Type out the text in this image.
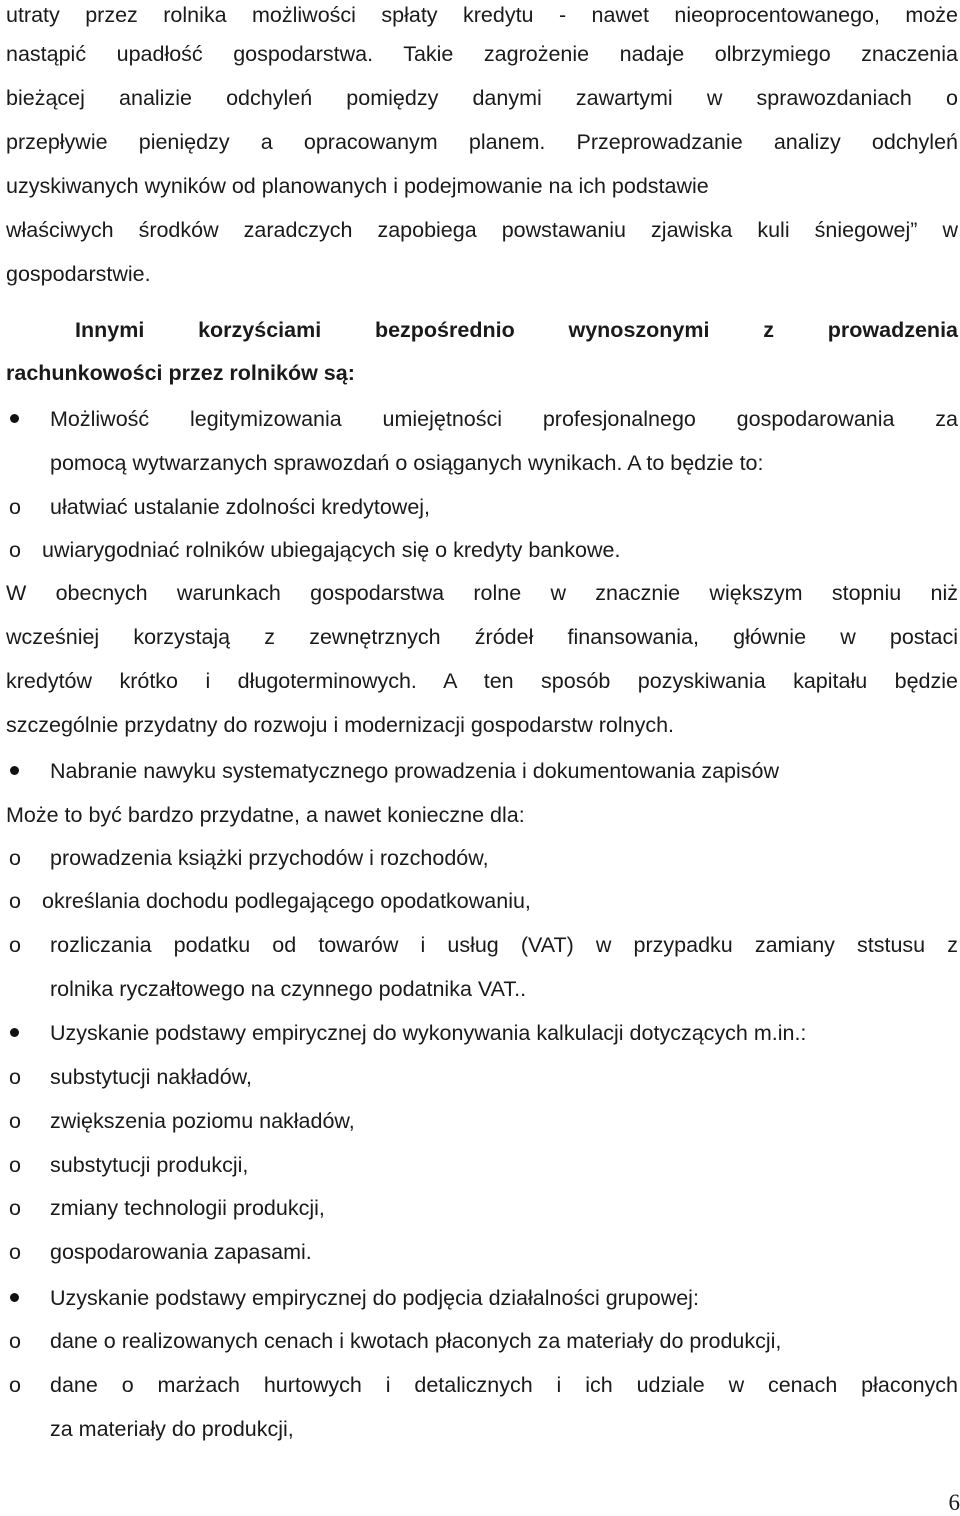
utraty przez rolnika możliwości spłaty kredytu - nawet nieoprocentowanego, może
nastąpić upadłość gospodarstwa. Takie zagrożenie nadaje olbrzymiego znaczenia
bieżącej analizie odchyleń pomiędzy danymi zawartymi w sprawozdaniach o
przepływie pieniędzy a opracowanym planem. Przeprowadzanie analizy odchyleń
uzyskiwanych wyników od planowanych i podejmowanie na ich podstawie
właściwych środków zaradczych zapobiega powstawaniu zjawiska kuli śniegowej” w
gospodarstwie.
Innymi korzyściami bezpośrednio wynoszonymi z prowadzenia
rachunkowości przez rolników są:
Możliwość legitymizowania umiejętności profesjonalnego gospodarowania za
pomocą wytwarzanych sprawozdań o osiąganych wynikach. A to będzie to:
o ułatwiać ustalanie zdolności kredytowej,
o uwiarygodniać rolników ubiegających się o kredyty bankowe.
W obecnych warunkach gospodarstwa rolne w znacznie większym stopniu niż
wcześniej korzystają z zewnętrznych źródeł finansowania, głównie w postaci
kredytów krótko i długoterminowych. A ten sposób pozyskiwania kapitału będzie
szczególnie przydatny do rozwoju i modernizacji gospodarstw rolnych.
Nabranie nawyku systematycznego prowadzenia i dokumentowania zapisów
Może to być bardzo przydatne, a nawet konieczne dla:
o prowadzenia książki przychodów i rozchodów,
o określania dochodu podlegającego opodatkowaniu,
o rozliczania podatku od towarów i usług (VAT) w przypadku zamiany ststusu z
rolnika ryczałtowego na czynnego podatnika VAT..
Uzyskanie podstawy empirycznej do wykonywania kalkulacji dotyczących m.in.:
o substytucji nakładów,
o zwiększenia poziomu nakładów,
o substytucji produkcji,
o zmiany technologii produkcji,
o gospodarowania zapasami.
Uzyskanie podstawy empirycznej do podjęcia działalności grupowej:
o dane o realizowanych cenach i kwotach płaconych za materiały do produkcji,
o dane o marżach hurtowych i detalicznych i ich udziale w cenach płaconych
za materiały do produkcji,
6
